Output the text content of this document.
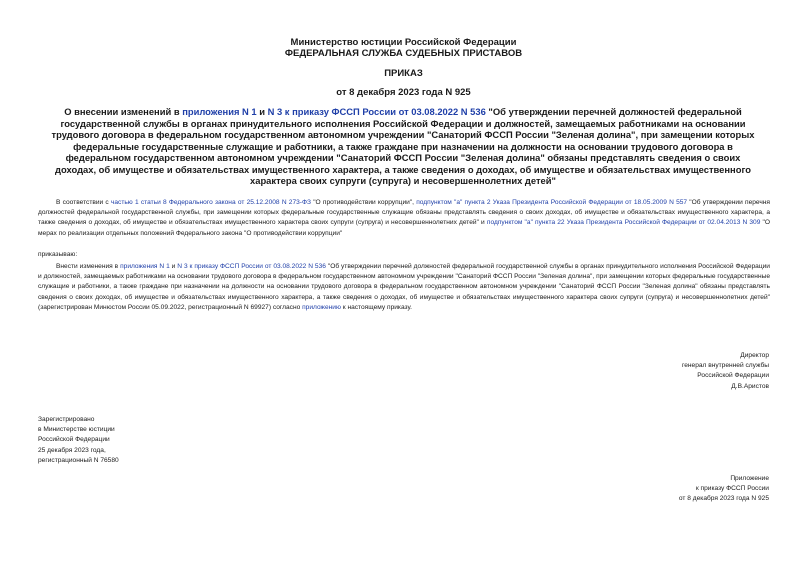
Министерство юстиции Российской Федерации
ФЕДЕРАЛЬНАЯ СЛУЖБА СУДЕБНЫХ ПРИСТАВОВ
ПРИКАЗ
от 8 декабря 2023 года N 925
О внесении изменений в приложения N 1 и N 3 к приказу ФССП России от 03.08.2022 N 536 "Об утверждении перечней должностей федеральной государственной службы в органах принудительного исполнения Российской Федерации и должностей, замещаемых работниками на основании трудового договора в федеральном государственном автономном учреждении "Санаторий ФССП России "Зеленая долина", при замещении которых федеральные государственные служащие и работники, а также граждане при назначении на должности на основании трудового договора в федеральном государственном автономном учреждении "Санаторий ФССП России "Зеленая долина" обязаны представлять сведения о своих доходах, об имуществе и обязательствах имущественного характера, а также сведения о доходах, об имуществе и обязательствах имущественного характера своих супруги (супруга) и несовершеннолетних детей"
В соответствии с частью 1 статьи 8 Федерального закона от 25.12.2008 N 273-ФЗ "О противодействии коррупции", подпунктом "а" пункта 2 Указа Президента Российской Федерации от 18.05.2009 N 557 "Об утверждении перечня должностей федеральной государственной службы, при замещении которых федеральные государственные служащие обязаны представлять сведения о своих доходах, об имуществе и обязательствах имущественного характера, а также сведения о доходах, об имуществе и обязательствах имущественного характера своих супруги (супруга) и несовершеннолетних детей" и подпунктом "а" пункта 22 Указа Президента Российской Федерации от 02.04.2013 N 309 "О мерах по реализации отдельных положений Федерального закона "О противодействии коррупции"
приказываю:
Внести изменения в приложения N 1 и N 3 к приказу ФССП России от 03.08.2022 N 536 "Об утверждении перечней должностей федеральной государственной службы в органах принудительного исполнения Российской Федерации и должностей, замещаемых работниками на основании трудового договора в федеральном государственном автономном учреждении "Санаторий ФССП России "Зеленая долина", при замещении которых федеральные государственные служащие и работники, а также граждане при назначении на должности на основании трудового договора в федеральном государственном автономном учреждении "Санаторий ФССП России "Зеленая долина" обязаны представлять сведения о своих доходах, об имуществе и обязательствах имущественного характера, а также сведения о доходах, об имуществе и обязательствах имущественного характера своих супруги (супруга) и несовершеннолетних детей" (зарегистрирован Минюстом России 05.09.2022, регистрационный N 69927) согласно приложению к настоящему приказу.
Директор
генерал внутренней службы
Российской Федерации
Д.В.Аристов
Зарегистрировано
в Министерстве юстиции
Российской Федерации
25 декабря 2023 года,
регистрационный N 76580
Приложение
к приказу ФССП России
от 8 декабря 2023 года N 925
